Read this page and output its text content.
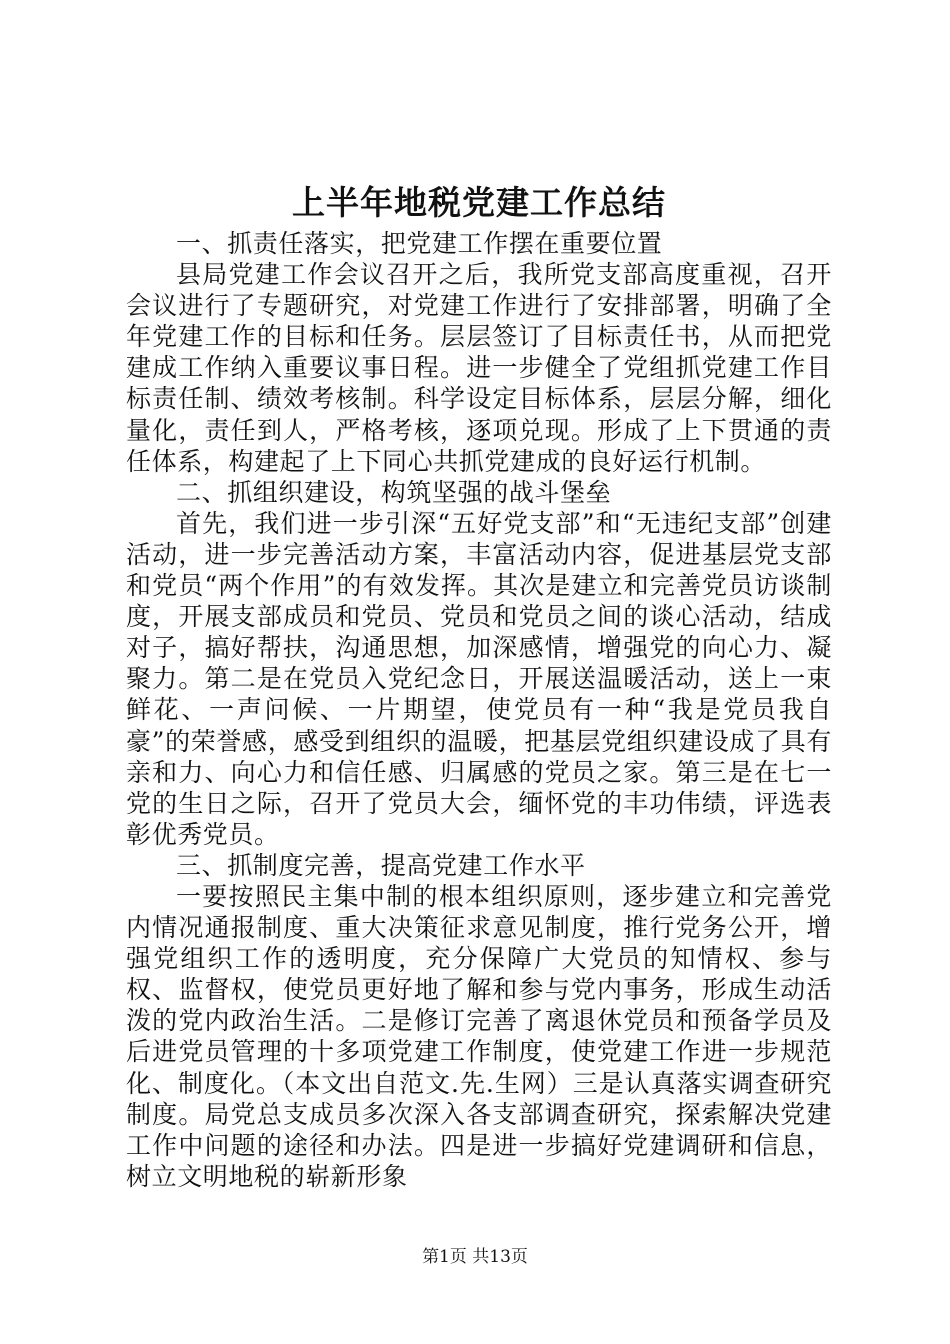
上半年地税党建工作总结

一、抓责任落实，把党建工作摆在重要位置

县局党建工作会议召开之后，我所党支部高度重视，召开会议进行了专题研究，对党建工作进行了安排部署，明确了全年党建工作的目标和任务。层层签订了目标责任书，从而把党建成工作纳入重要议事日程。进一步健全了党组抓党建工作目标责任制、绩效考核制。科学设定目标体系，层层分解，细化量化，责任到人，严格考核，逐项兑现。形成了上下贯通的责任体系，构建起了上下同心共抓党建成的良好运行机制。

二、抓组织建设，构筑坚强的战斗堡垒

首先，我们进一步引深“五好党支部”和“无违纪支部”创建活动，进一步完善活动方案，丰富活动内容，促进基层党支部和党员“两个作用”的有效发挥。其次是建立和完善党员访谈制度，开展支部成员和党员、党员和党员之间的谈心活动，结成对子，搞好帮扶，沟通思想，加深感情，增强党的向心力、凝聚力。第二是在党员入党纪念日，开展送温暖活动，送上一束鲜花、一声问候、一片期望，使党员有一种“我是党员我自豪”的荣誉感，感受到组织的温暖，把基层党组织建设成了具有亲和力、向心力和信任感、归属感的党员之家。第三是在七一党的生日之际，召开了党员大会，缅怀党的丰功伟绩，评选表彰优秀党员。

三、抓制度完善，提高党建工作水平

一要按照民主集中制的根本组织原则，逐步建立和完善党内情况通报制度、重大决策征求意见制度，推行党务公开，增强党组织工作的透明度，充分保障广大党员的知情权、参与权、监督权，使党员更好地了解和参与党内事务，形成生动活泼的党内政治生活。二是修订完善了离退休党员和预备学员及后进党员管理的十多项党建工作制度，使党建工作进一步规范化、制度化。（本文出自范文.先.生网）三是认真落实调查研究制度。局党总支成员多次深入各支部调查研究，探索解决党建工作中问题的途径和办法。四是进一步搞好党建调研和信息，树立文明地税的崭新形象

第1页 共13页
